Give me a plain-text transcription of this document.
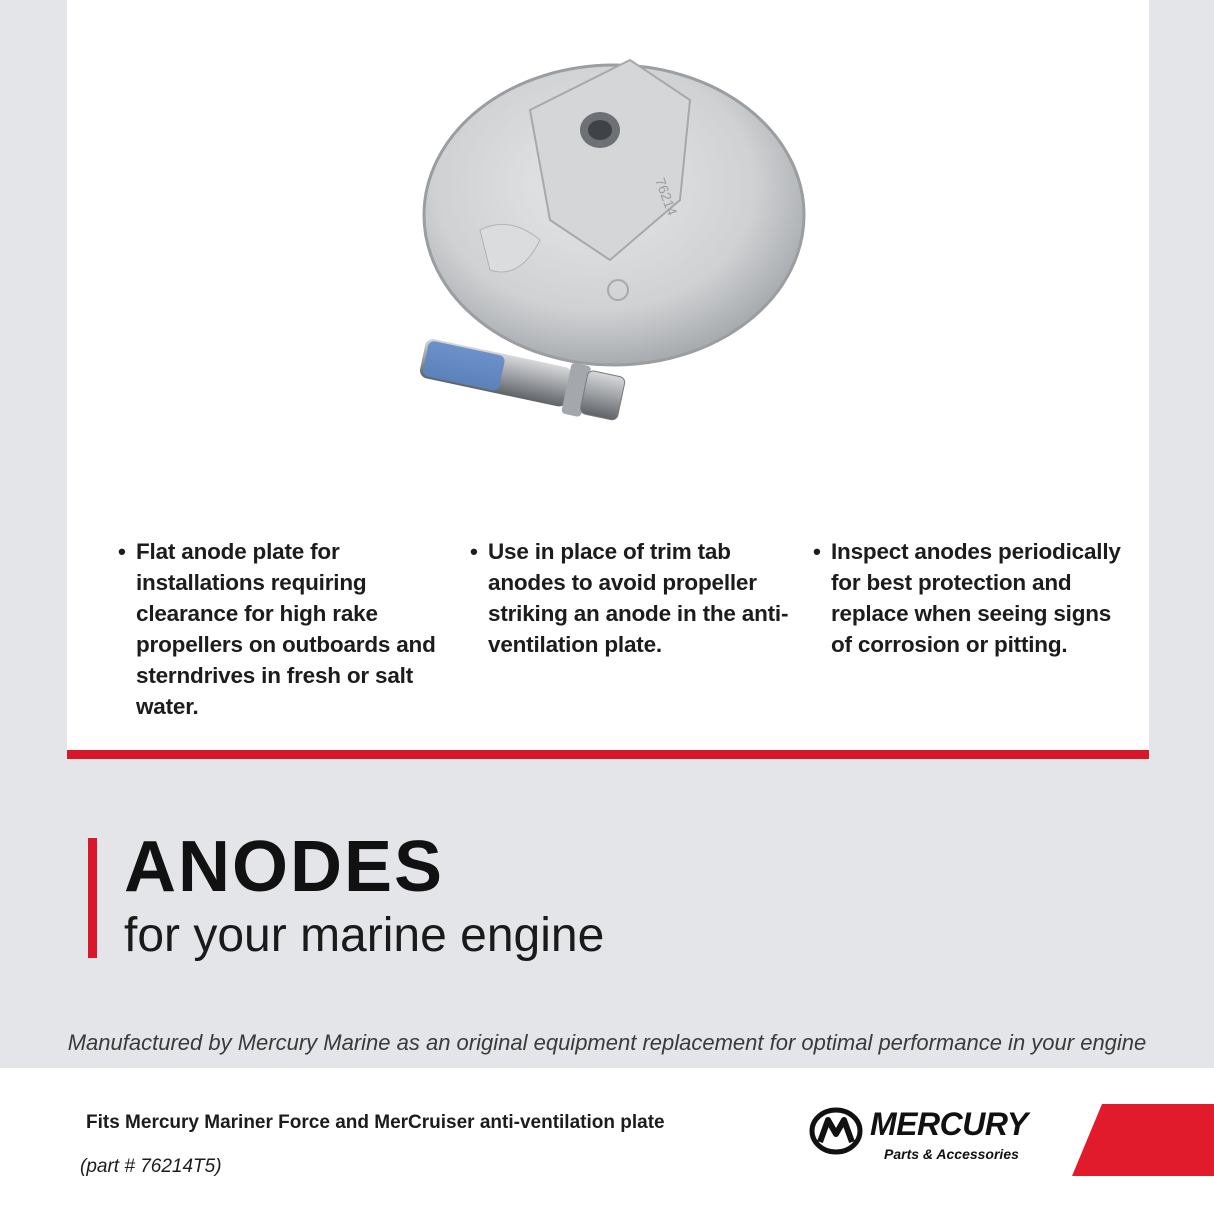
76214
• Flat anode plate for installations requiring clearance for high rake propellers on outboards and sterndrives in fresh or salt water.
• Use in place of trim tab anodes to avoid propeller striking an anode in the anti-ventilation plate.
• Inspect anodes periodically for best protection and replace when seeing signs of corrosion or pitting.
ANODES
for your marine engine
Manufactured by Mercury Marine as an original equipment replacement for optimal performance in your engine
Fits Mercury Mariner Force and MerCruiser anti-ventilation plate
(part # 76214T5)
MERCURY
Parts & Accessories
